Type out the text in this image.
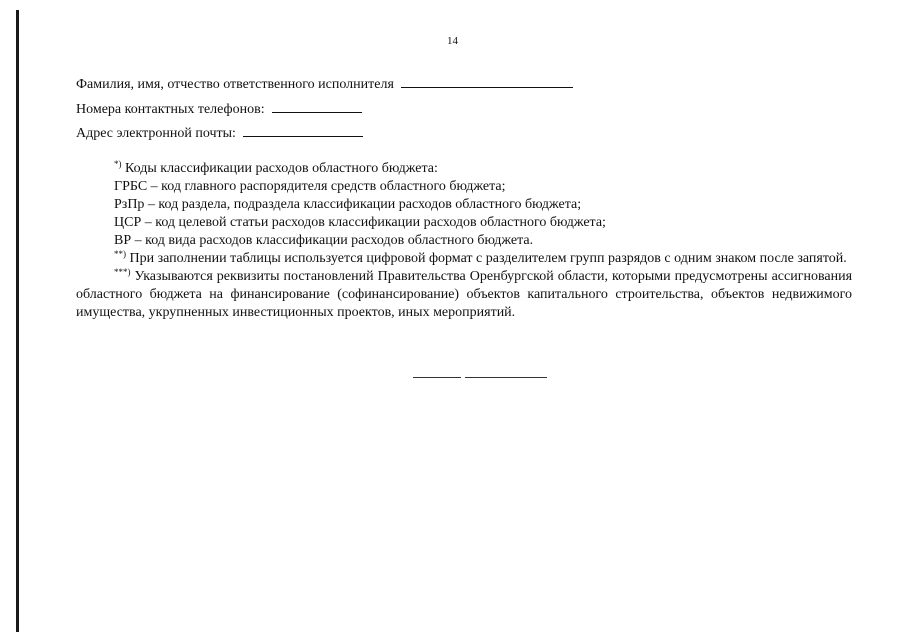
14
Фамилия, имя, отчество ответственного исполнителя
Номера контактных телефонов:
Адрес электронной почты:

*) Коды классификации расходов областного бюджета:

ГРБС – код главного распорядителя средств областного бюджета;

РзПр – код раздела, подраздела классификации расходов областного бюджета;

ЦСР – код целевой статьи расходов классификации расходов областного бюджета;

ВР – код вида расходов классификации расходов областного бюджета.

**) При заполнении таблицы используется цифровой формат с разделителем групп разрядов с одним знаком после запятой.

***) Указываются реквизиты постановлений Правительства Оренбургской области, которыми предусмотрены ассигнования областного бюджета на финансирование (софинансирование) объектов капитального строительства, объектов недвижимого имущества, укрупненных инвестиционных проектов, иных мероприятий.
